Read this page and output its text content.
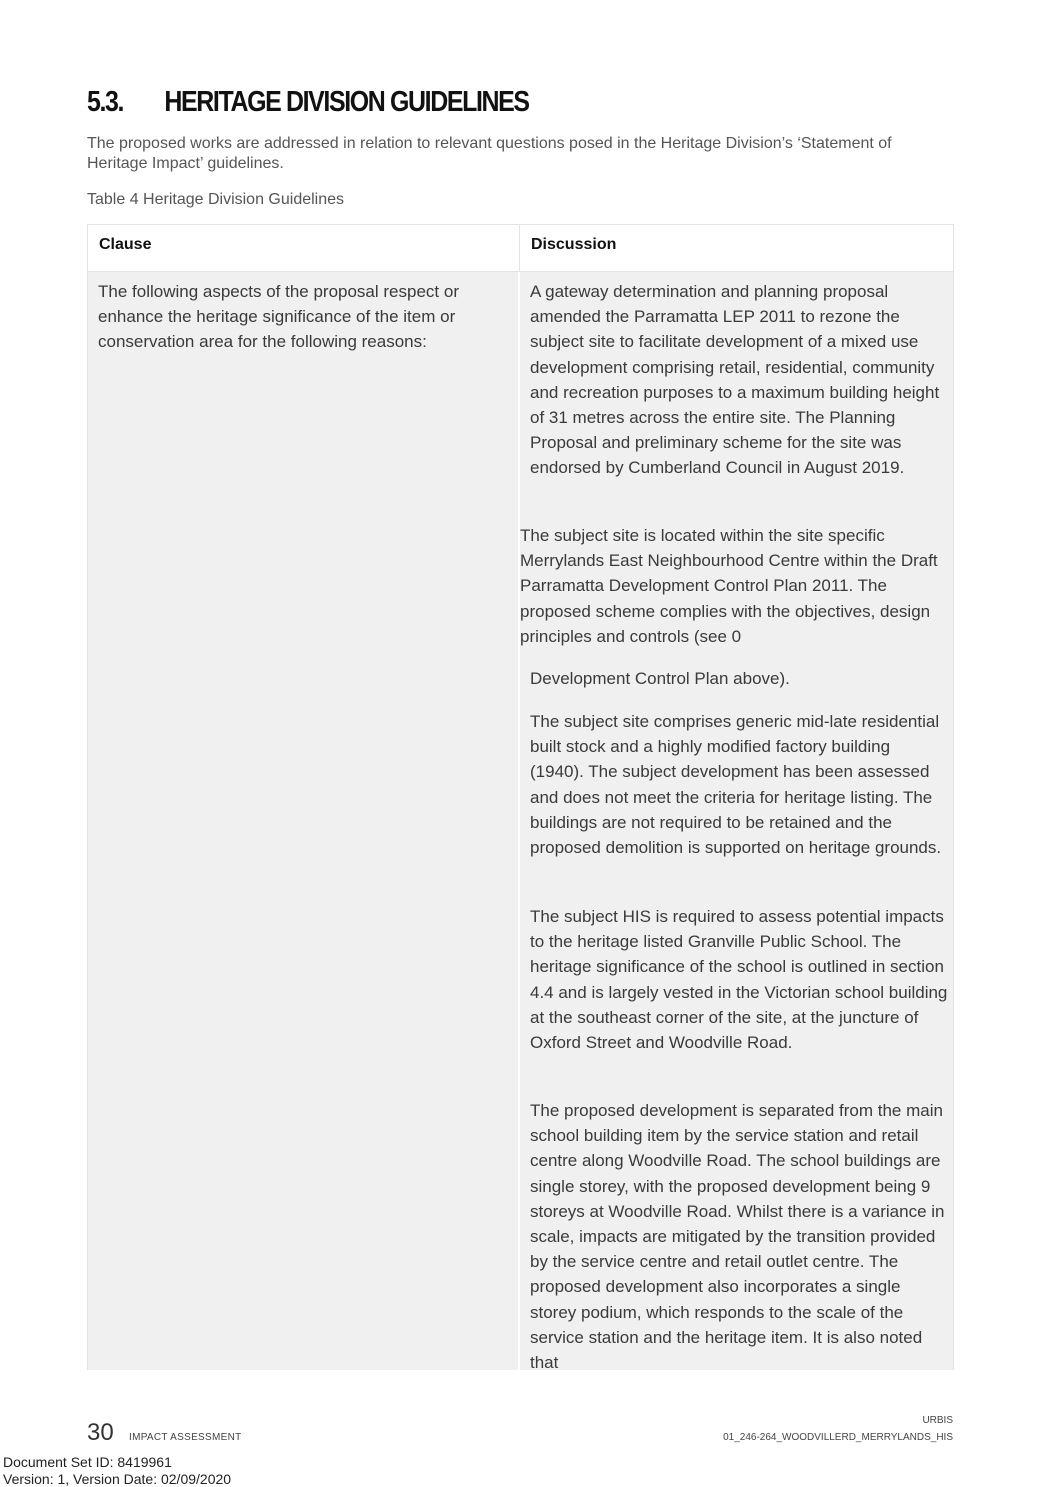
5.3. HERITAGE DIVISION GUIDELINES

The proposed works are addressed in relation to relevant questions posed in the Heritage Division’s ‘Statement of Heritage Impact’ guidelines.

Table 4 Heritage Division Guidelines

Clause	Discussion

The following aspects of the proposal respect or enhance the heritage significance of the item or conservation area for the following reasons:

A gateway determination and planning proposal amended the Parramatta LEP 2011 to rezone the subject site to facilitate development of a mixed use development comprising retail, residential, community and recreation purposes to a maximum building height of 31 metres across the entire site. The Planning Proposal and preliminary scheme for the site was endorsed by Cumberland Council in August 2019.

The subject site is located within the site specific Merrylands East Neighbourhood Centre within the Draft Parramatta Development Control Plan 2011. The proposed scheme complies with the objectives, design principles and controls (see 0

Development Control Plan above).

The subject site comprises generic mid-late residential built stock and a highly modified factory building (1940). The subject development has been assessed and does not meet the criteria for heritage listing. The buildings are not required to be retained and the proposed demolition is supported on heritage grounds.

The subject HIS is required to assess potential impacts to the heritage listed Granville Public School. The heritage significance of the school is outlined in section 4.4 and is largely vested in the Victorian school building at the southeast corner of the site, at the juncture of Oxford Street and Woodville Road.

The proposed development is separated from the main school building item by the service station and retail centre along Woodville Road. The school buildings are single storey, with the proposed development being 9 storeys at Woodville Road. Whilst there is a variance in scale, impacts are mitigated by the transition provided by the service centre and retail outlet centre. The proposed development also incorporates a single storey podium, which responds to the scale of the service station and the heritage item. It is also noted that

30 IMPACT ASSESSMENT
URBIS
01_246-264_WOODVILLERD_MERRYLANDS_HIS
Document Set ID: 8419961
Version: 1, Version Date: 02/09/2020
